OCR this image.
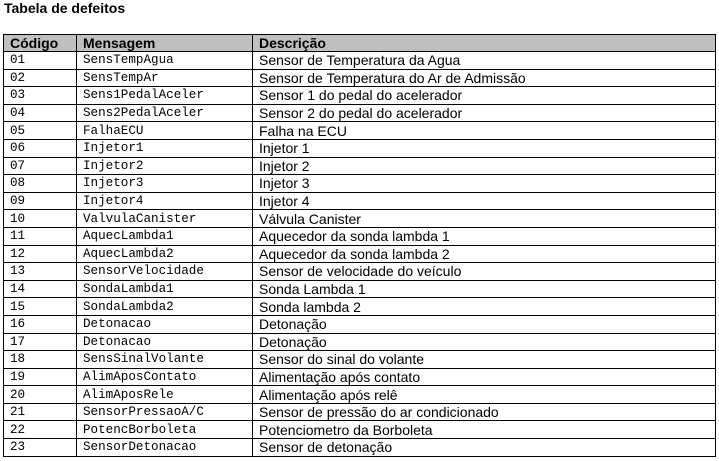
Tabela de defeitos
Código	Mensagem	Descrição
01	SensTempAgua	Sensor de Temperatura da Agua
02	SensTempAr	Sensor de Temperatura do Ar de Admissão
03	Sens1PedalAceler	Sensor 1 do pedal do acelerador
04	Sens2PedalAceler	Sensor 2 do pedal do acelerador
05	FalhaECU	Falha na ECU
06	Injetor1	Injetor 1
07	Injetor2	Injetor 2
08	Injetor3	Injetor 3
09	Injetor4	Injetor 4
10	ValvulaCanister	Válvula Canister
11	AquecLambda1	Aquecedor da sonda lambda 1
12	AquecLambda2	Aquecedor da sonda lambda 2
13	SensorVelocidade	Sensor de velocidade do veículo
14	SondaLambda1	Sonda Lambda 1
15	SondaLambda2	Sonda lambda 2
16	Detonacao	Detonação
17	Detonacao	Detonação
18	SensSinalVolante	Sensor do sinal do volante
19	AlimAposContato	Alimentação após contato
20	AlimAposRele	Alimentação após relê
21	SensorPressaoA/C	Sensor de pressão do ar condicionado
22	PotencBorboleta	Potenciometro da Borboleta
23	SensorDetonacao	Sensor de detonação
